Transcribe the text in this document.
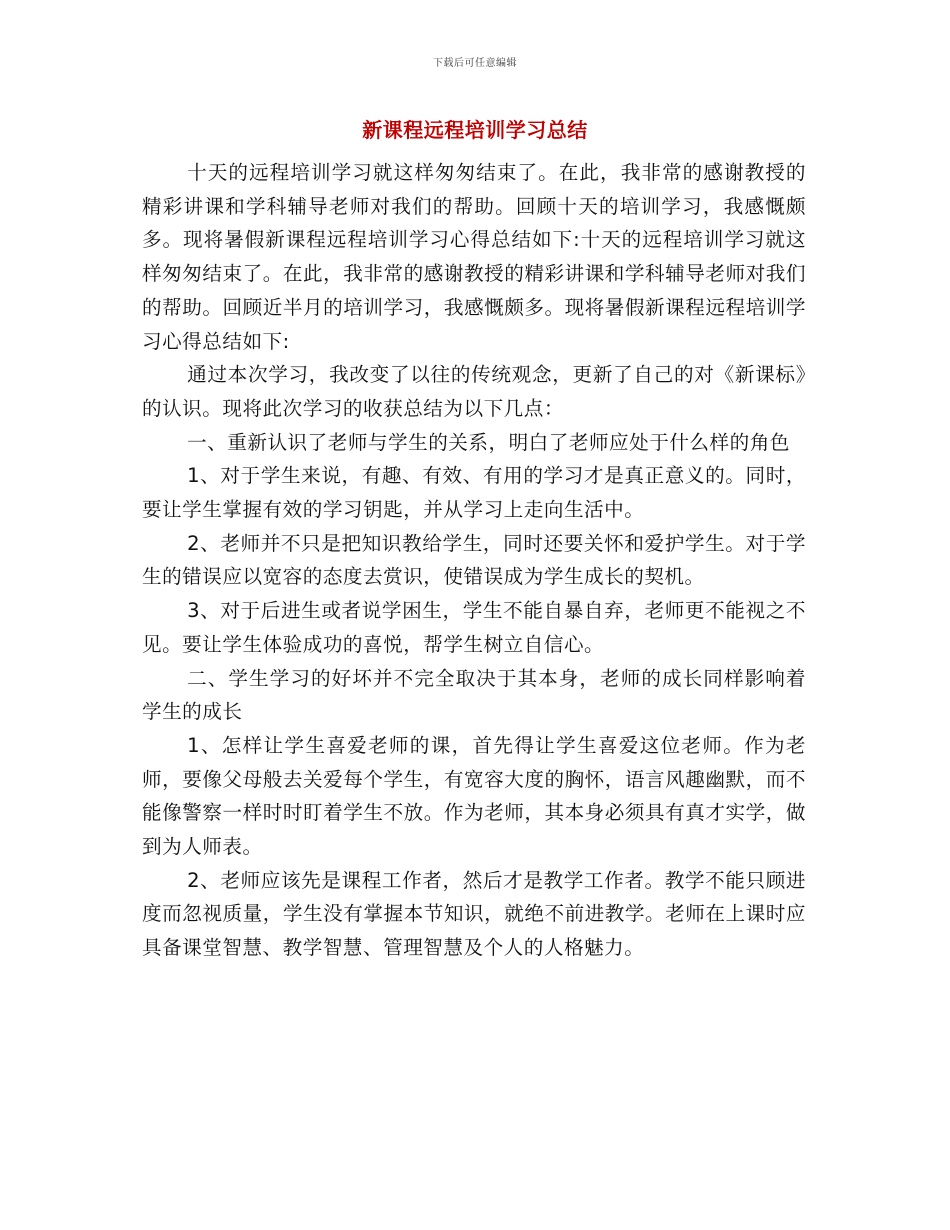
下载后可任意编辑
新课程远程培训学习总结

十天的远程培训学习就这样匆匆结束了。在此，我非常的感谢教授的精彩讲课和学科辅导老师对我们的帮助。回顾十天的培训学习，我感慨颇多。现将暑假新课程远程培训学习心得总结如下:十天的远程培训学习就这样匆匆结束了。在此，我非常的感谢教授的精彩讲课和学科辅导老师对我们的帮助。回顾近半月的培训学习，我感慨颇多。现将暑假新课程远程培训学习心得总结如下:

通过本次学习，我改变了以往的传统观念，更新了自己的对《新课标》的认识。现将此次学习的收获总结为以下几点：

一、重新认识了老师与学生的关系，明白了老师应处于什么样的角色

1、对于学生来说，有趣、有效、有用的学习才是真正意义的。同时，要让学生掌握有效的学习钥匙，并从学习上走向生活中。

2、老师并不只是把知识教给学生，同时还要关怀和爱护学生。对于学生的错误应以宽容的态度去赏识，使错误成为学生成长的契机。

3、对于后进生或者说学困生，学生不能自暴自弃，老师更不能视之不见。要让学生体验成功的喜悦，帮学生树立自信心。

二、学生学习的好坏并不完全取决于其本身，老师的成长同样影响着学生的成长

1、怎样让学生喜爱老师的课，首先得让学生喜爱这位老师。作为老师，要像父母般去关爱每个学生，有宽容大度的胸怀，语言风趣幽默，而不能像警察一样时时盯着学生不放。作为老师，其本身必须具有真才实学，做到为人师表。

2、老师应该先是课程工作者，然后才是教学工作者。教学不能只顾进度而忽视质量，学生没有掌握本节知识，就绝不前进教学。老师在上课时应具备课堂智慧、教学智慧、管理智慧及个人的人格魅力。
